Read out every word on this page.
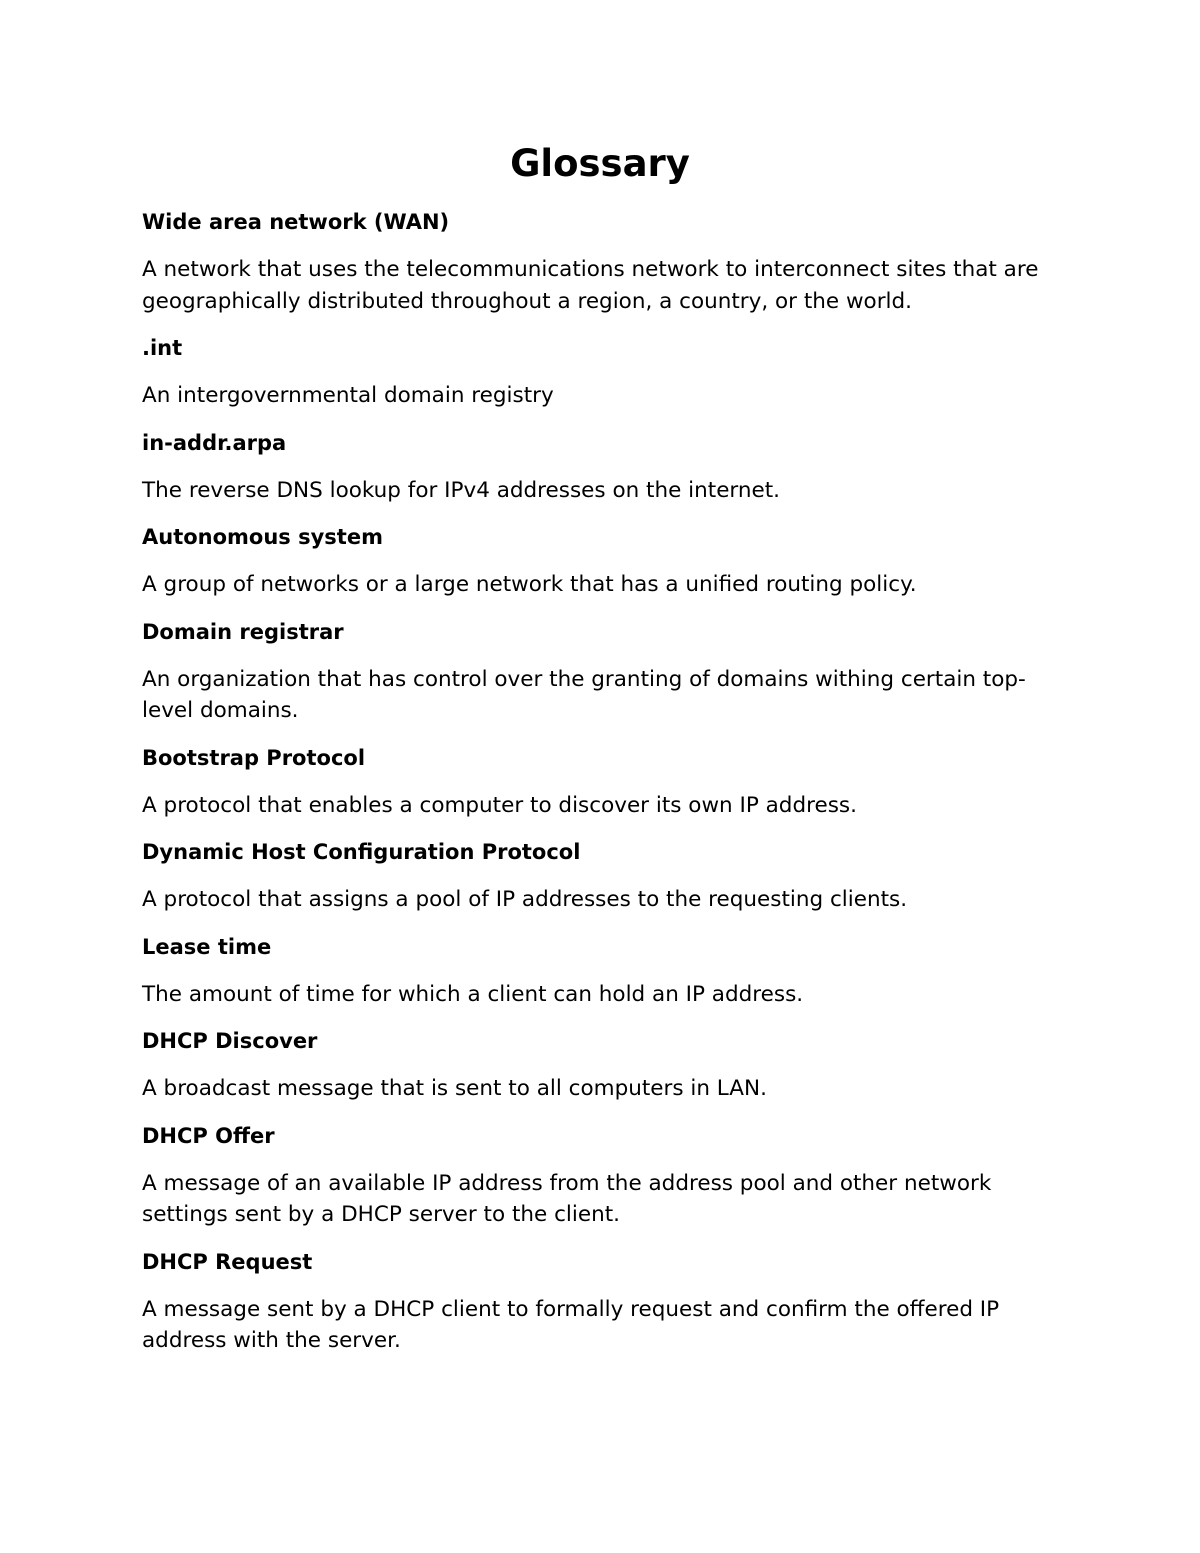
Glossary

Wide area network (WAN)

A network that uses the telecommunications network to interconnect sites that are geographically distributed throughout a region, a country, or the world.

.int

An intergovernmental domain registry

in-addr.arpa

The reverse DNS lookup for IPv4 addresses on the internet.

Autonomous system

A group of networks or a large network that has a unified routing policy.

Domain registrar

An organization that has control over the granting of domains withing certain top-level domains.

Bootstrap Protocol

A protocol that enables a computer to discover its own IP address.

Dynamic Host Configuration Protocol

A protocol that assigns a pool of IP addresses to the requesting clients.

Lease time

The amount of time for which a client can hold an IP address.

DHCP Discover

A broadcast message that is sent to all computers in LAN.

DHCP Offer

A message of an available IP address from the address pool and other network settings sent by a DHCP server to the client.

DHCP Request

A message sent by a DHCP client to formally request and confirm the offered IP address with the server.
